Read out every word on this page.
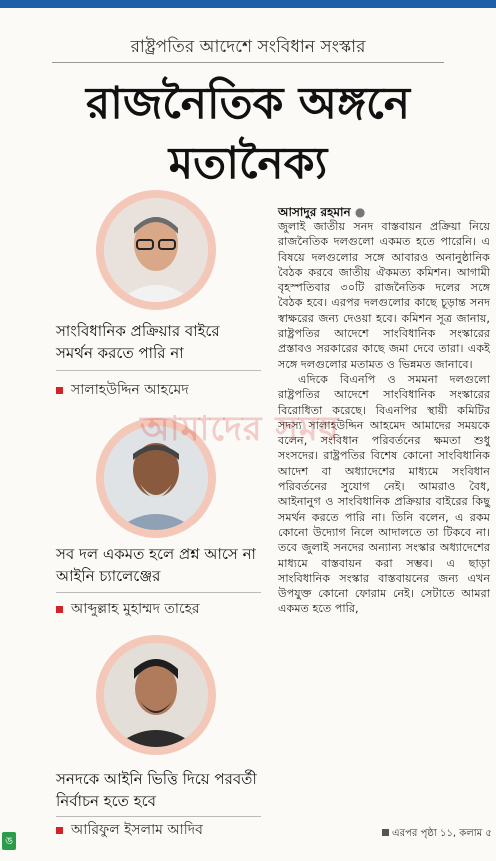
রাষ্ট্রপতির আদেশে সংবিধান সংস্কার
রাজনৈতিক অঙ্গনে
মতানৈক্য
সাংবিধানিক প্রক্রিয়ার বাইরে সমর্থন করতে পারি না
সালাহউদ্দিন আহমেদ
সব দল একমত হলে প্রশ্ন আসে না আইনি চ্যালেঞ্জের
আব্দুল্লাহ মুহাম্মদ তাহের
সনদকে আইনি ভিত্তি দিয়ে পরবর্তী নির্বাচন হতে হবে
আরিফুল ইসলাম আদিব
আসাদুর রহমান ●

জুলাই জাতীয় সনদ বাস্তবায়ন প্রক্রিয়া নিয়ে রাজনৈতিক দলগুলো একমত হতে পারেনি। এ বিষয়ে দলগুলোর সঙ্গে আবারও অনানুষ্ঠানিক বৈঠক করবে জাতীয় ঐকমত্য কমিশন। আগামী বৃহস্পতিবার ৩০টি রাজনৈতিক দলের সঙ্গে বৈঠক হবে। এরপর দলগুলোর কাছে চূড়ান্ত সনদ স্বাক্ষরের জন্য দেওয়া হবে। কমিশন সূত্র জানায়, রাষ্ট্রপতির আদেশে সাংবিধানিক সংস্কারের প্রস্তাবও সরকারের কাছে জমা দেবে তারা। একই সঙ্গে দলগুলোর মতামত ও ভিন্নমত জানাবে।

এদিকে বিএনপি ও সমমনা দলগুলো রাষ্ট্রপতির আদেশে সাংবিধানিক সংস্কারের বিরোধিতা করেছে। বিএনপির স্থায়ী কমিটির সদস্য সালাহউদ্দিন আহমেদ আমাদের সময়কে বলেন, সংবিধান পরিবর্তনের ক্ষমতা শুধু সংসদের। রাষ্ট্রপতির বিশেষ কোনো সাংবিধানিক আদেশ বা অধ্যাদেশের মাধ্যমে সংবিধান পরিবর্তনের সুযোগ নেই। আমরাও বৈধ, আইনানুগ ও সাংবিধানিক প্রক্রিয়ার বাইরের কিছু সমর্থন করতে পারি না। তিনি বলেন, এ রকম কোনো উদ্যোগ নিলে আদালতে তা টিকবে না। তবে জুলাই সনদের অন্যান্য সংস্কার অধ্যাদেশের মাধ্যমে বাস্তবায়ন করা সম্ভব। এ ছাড়া সাংবিধানিক সংস্কার বাস্তবায়নের জন্য এখন উপযুক্ত কোনো ফোরাম নেই। সেটাতে আমরা একমত হতে পারি,

এরপর পৃষ্ঠা ১১, কলাম ৫
আমাদের সময়
ঙ
